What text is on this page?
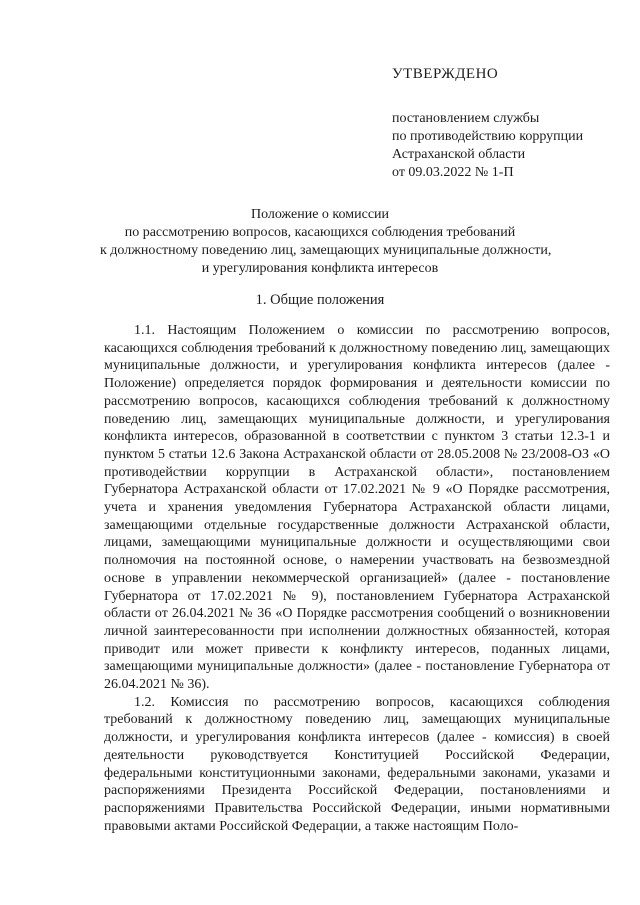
УТВЕРЖДЕНО
постановлением службы
по противодействию коррупции
Астраханской области
от 09.03.2022 № 1-П
Положение о комиссии
по рассмотрению вопросов, касающихся соблюдения требований
к должностному поведению лиц, замещающих муниципальные должности,
и урегулирования конфликта интересов
1. Общие положения

1.1. Настоящим Положением о комиссии по рассмотрению вопросов, касающихся соблюдения требований к должностному поведению лиц, замещающих муниципальные должности, и урегулирования конфликта интересов (далее - Положение) определяется порядок формирования и деятельности комиссии по рассмотрению вопросов, касающихся соблюдения требований к должностному поведению лиц, замещающих муниципальные должности, и урегулирования конфликта интересов, образованной в соответствии с пунктом 3 статьи 12.3-1 и пунктом 5 статьи 12.6 Закона Астраханской области от 28.05.2008 № 23/2008-ОЗ «О противодействии коррупции в Астраханской области», постановлением Губернатора Астраханской области от 17.02.2021 № 9 «О Порядке рассмотрения, учета и хранения уведомления Губернатора Астраханской области лицами, замещающими отдельные государственные должности Астраханской области, лицами, замещающими муниципальные должности и осуществляющими свои полномочия на постоянной основе, о намерении участвовать на безвозмездной основе в управлении некоммерческой организацией» (далее - постановление Губернатора от 17.02.2021 № 9), постановлением Губернатора Астраханской области от 26.04.2021 № 36 «О Порядке рассмотрения сообщений о возникновении личной заинтересованности при исполнении должностных обязанностей, которая приводит или может привести к конфликту интересов, поданных лицами, замещающими муниципальные должности» (далее - постановление Губернатора от 26.04.2021 № 36).

1.2. Комиссия по рассмотрению вопросов, касающихся соблюдения требований к должностному поведению лиц, замещающих муниципальные должности, и урегулирования конфликта интересов (далее - комиссия) в своей деятельности руководствуется Конституцией Российской Федерации, федеральными конституционными законами, федеральными законами, указами и распоряжениями Президента Российской Федерации, постановлениями и распоряжениями Правительства Российской Федерации, иными нормативными правовыми актами Российской Федерации, а также настоящим Поло-
